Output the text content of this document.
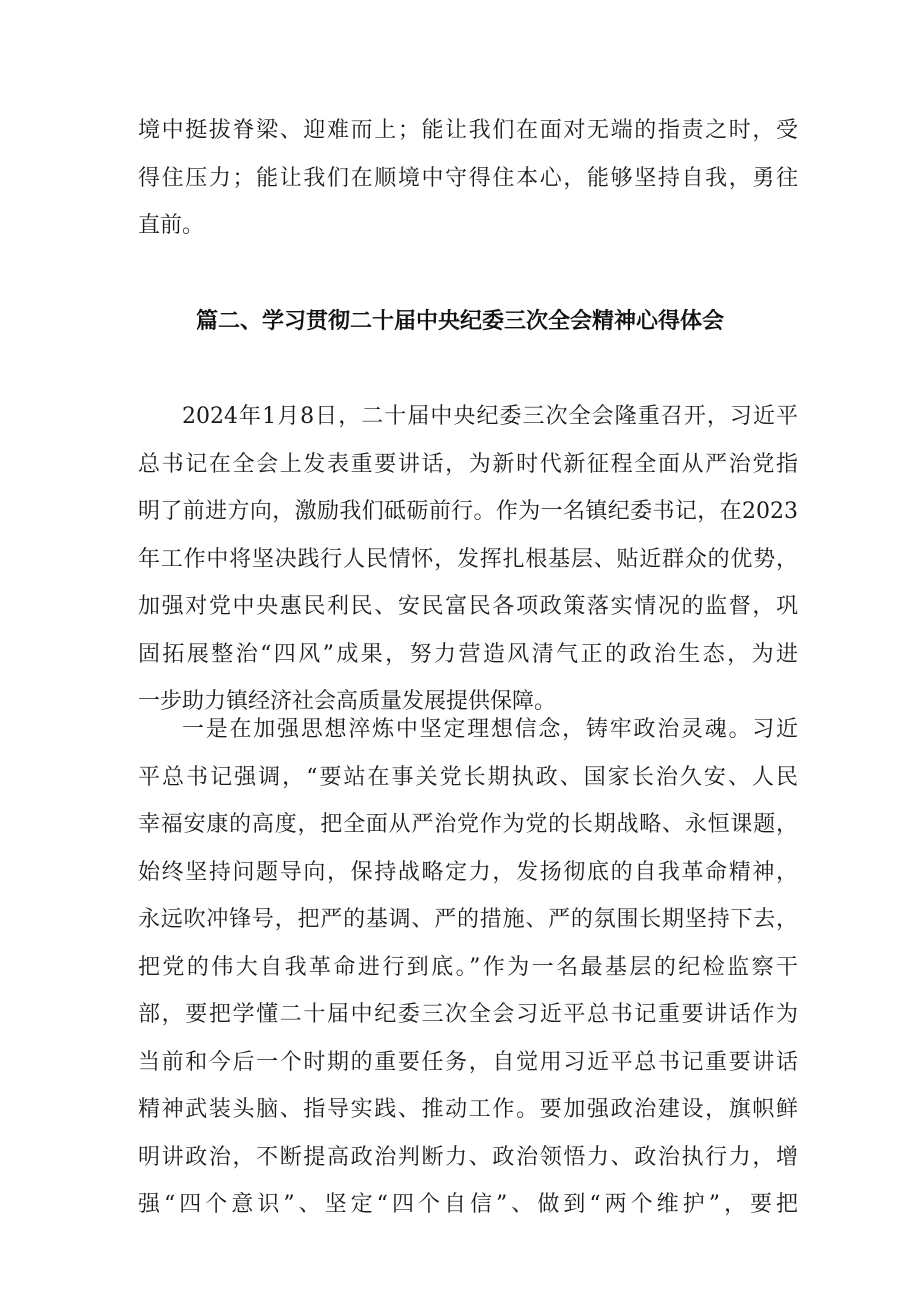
境中挺拔脊梁、迎难而上；能让我们在面对无端的指责之时，受
得住压力；能让我们在顺境中守得住本心，能够坚持自我，勇往
直前。
篇二、学习贯彻二十届中央纪委三次全会精神心得体会
2024年1月8日，二十届中央纪委三次全会隆重召开，习近平
总书记在全会上发表重要讲话，为新时代新征程全面从严治党指
明了前进方向，激励我们砥砺前行。作为一名镇纪委书记，在2023
年工作中将坚决践行人民情怀，发挥扎根基层、贴近群众的优势，
加强对党中央惠民利民、安民富民各项政策落实情况的监督，巩
固拓展整治“四风”成果，努力营造风清气正的政治生态，为进
一步助力镇经济社会高质量发展提供保障。
一是在加强思想淬炼中坚定理想信念，铸牢政治灵魂。习近
平总书记强调，“要站在事关党长期执政、国家长治久安、人民
幸福安康的高度，把全面从严治党作为党的长期战略、永恒课题，
始终坚持问题导向，保持战略定力，发扬彻底的自我革命精神，
永远吹冲锋号，把严的基调、严的措施、严的氛围长期坚持下去，
把党的伟大自我革命进行到底。”作为一名最基层的纪检监察干
部，要把学懂二十届中纪委三次全会习近平总书记重要讲话作为
当前和今后一个时期的重要任务，自觉用习近平总书记重要讲话
精神武装头脑、指导实践、推动工作。要加强政治建设，旗帜鲜
明讲政治，不断提高政治判断力、政治领悟力、政治执行力，增
强“四个意识”、坚定“四个自信”、做到“两个维护”，要把
